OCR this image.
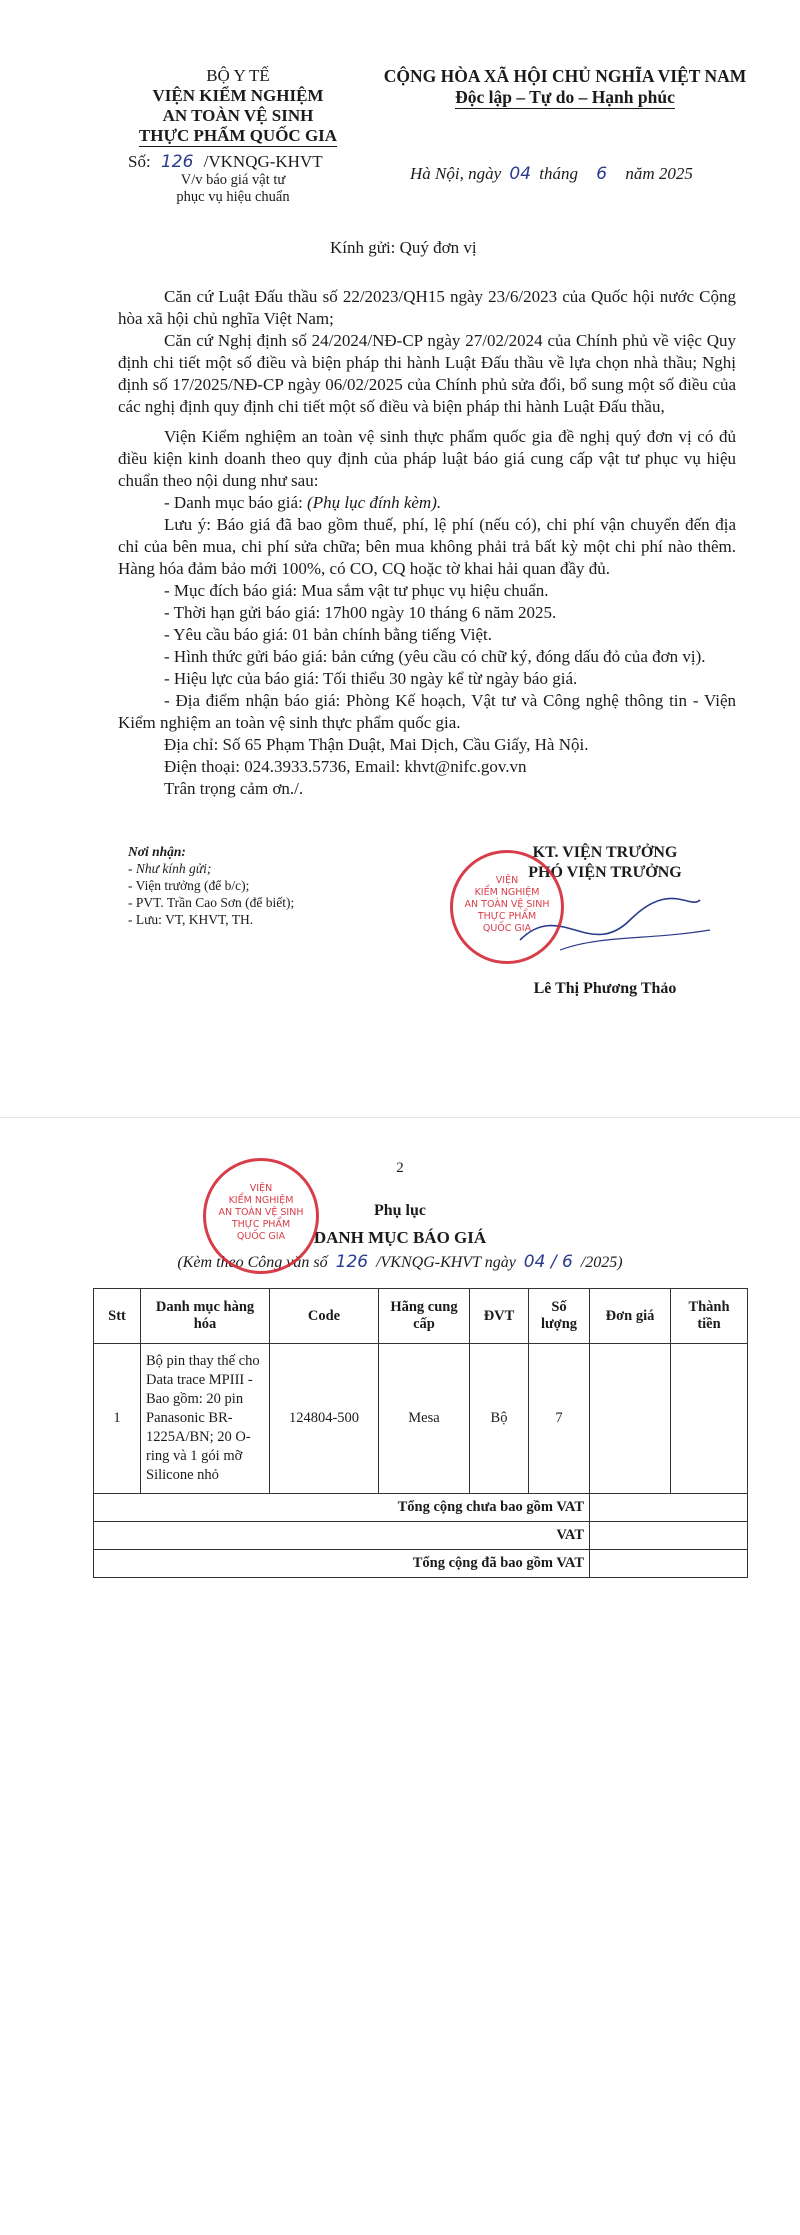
BỘ Y TẾ
VIỆN KIỂM NGHIỆM
AN TOÀN VỆ SINH
THỰC PHẨM QUỐC GIA
Số: 126 /VKNQG-KHVT
V/v báo giá vật tư
phục vụ hiệu chuẩn
CỘNG HÒA XÃ HỘI CHỦ NGHĨA VIỆT NAM
Độc lập – Tự do – Hạnh phúc
Hà Nội, ngày 04 tháng 6 năm 2025
Kính gửi: Quý đơn vị
Căn cứ Luật Đấu thầu số 22/2023/QH15 ngày 23/6/2023 của Quốc hội nước Cộng hòa xã hội chủ nghĩa Việt Nam;
Căn cứ Nghị định số 24/2024/NĐ-CP ngày 27/02/2024 của Chính phủ về việc Quy định chi tiết một số điều và biện pháp thi hành Luật Đấu thầu về lựa chọn nhà thầu; Nghị định số 17/2025/NĐ-CP ngày 06/02/2025 của Chính phủ sửa đổi, bổ sung một số điều của các nghị định quy định chi tiết một số điều và biện pháp thi hành Luật Đấu thầu,
Viện Kiểm nghiệm an toàn vệ sinh thực phẩm quốc gia đề nghị quý đơn vị có đủ điều kiện kinh doanh theo quy định của pháp luật báo giá cung cấp vật tư phục vụ hiệu chuẩn theo nội dung như sau:
- Danh mục báo giá: (Phụ lục đính kèm).
Lưu ý: Báo giá đã bao gồm thuế, phí, lệ phí (nếu có), chi phí vận chuyển đến địa chỉ của bên mua, chi phí sửa chữa; bên mua không phải trả bất kỳ một chi phí nào thêm. Hàng hóa đảm bảo mới 100%, có CO, CQ hoặc tờ khai hải quan đầy đủ.
- Mục đích báo giá: Mua sắm vật tư phục vụ hiệu chuẩn.
- Thời hạn gửi báo giá: 17h00 ngày 10 tháng 6 năm 2025.
- Yêu cầu báo giá: 01 bản chính bằng tiếng Việt.
- Hình thức gửi báo giá: bản cứng (yêu cầu có chữ ký, đóng dấu đỏ của đơn vị).
- Hiệu lực của báo giá: Tối thiểu 30 ngày kể từ ngày báo giá.
- Địa điểm nhận báo giá: Phòng Kế hoạch, Vật tư và Công nghệ thông tin - Viện Kiểm nghiệm an toàn vệ sinh thực phẩm quốc gia.
Địa chỉ: Số 65 Phạm Thận Duật, Mai Dịch, Cầu Giấy, Hà Nội.
Điện thoại: 024.3933.5736, Email: khvt@nifc.gov.vn
Trân trọng cảm ơn./.
Nơi nhận:
- Như kính gửi;
- Viện trưởng (để b/c);
- PVT. Trần Cao Sơn (để biết);
- Lưu: VT, KHVT, TH.
KT. VIỆN TRƯỞNG
PHÓ VIỆN TRƯỞNG
Lê Thị Phương Thảo
VIỆN
KIỂM NGHIỆM
AN TOÀN VỆ SINH
THỰC PHẨM
QUỐC GIA
2
Phụ lục
DANH MỤC BÁO GIÁ
(Kèm theo Công văn số 126 /VKNQG-KHVT ngày 04 / 6 /2025)
VIỆN
KIỂM NGHIỆM
AN TOÀN VỆ SINH
THỰC PHẨM
QUỐC GIA
Stt	Danh mục hàng hóa	Code	Hãng cung cấp	ĐVT	Số lượng	Đơn giá	Thành tiền
1	Bộ pin thay thế cho Data trace MPIII - Bao gồm: 20 pin Panasonic BR-1225A/BN; 20 O-ring và 1 gói mỡ Silicone nhỏ	124804-500	Mesa	Bộ	7		
Tổng cộng chưa bao gồm VAT							
VAT							
Tổng cộng đã bao gồm VAT							
